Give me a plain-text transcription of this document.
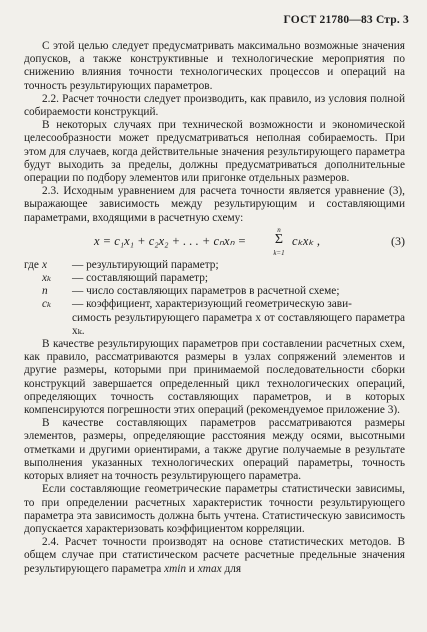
ГОСТ 21780—83 Стр. 3

С этой целью следует предусматривать максимально возможные значения допусков, а также конструктивные и технологические мероприятия по снижению влияния точности технологических процессов и операций на точность результирующих параметров.

2.2. Расчет точности следует производить, как правило, из условия полной собираемости конструкций.

В некоторых случаях при технической возможности и экономической целесообразности может предусматриваться неполная собираемость. При этом для случаев, когда действительные значения результирующего параметра будут выходить за пределы, должны предусматриваться дополнительные операции по подбору элементов или пригонке отдельных размеров.

2.3. Исходным уравнением для расчета точности является уравнение (3), выражающее зависимость между результирующим и составляющими параметрами, входящими в расчетную схему:

x = c₁x₁ + c₂x₂ + . . . + cₙxₙ =
n
Σ
k=1
cₖxₖ ,	(3)
где x	— результирующий параметр;
xₖ	— составляющий параметр;
n	— число составляющих параметров в расчетной схеме;
cₖ	— коэффициент, характеризующий геометрическую зави-

симость результирующего параметра x от составляющего параметра xₖ.

В качестве результирующих параметров при составлении расчетных схем, как правило, рассматриваются размеры в узлах сопряжений элементов и другие размеры, которыми при принимаемой последовательности сборки конструкций завершается определенный цикл технологических операций, определяющих точность составляющих параметров, и в которых компенсируются погрешности этих операций (рекомендуемое приложение 3).

В качестве составляющих параметров рассматриваются размеры элементов, размеры, определяющие расстояния между осями, высотными отметками и другими ориентирами, а также другие получаемые в результате выполнения указанных технологических операций параметры, точность которых влияет на точность результирующего параметра.

Если составляющие геометрические параметры статистически зависимы, то при определении расчетных характеристик точности результирующего параметра эта зависимость должна быть учтена. Статистическую зависимость допускается характеризовать коэффициентом корреляции.

2.4. Расчет точности производят на основе статистических методов. В общем случае при статистическом расчете расчетные предельные значения результирующего параметра xmin и xmax для
